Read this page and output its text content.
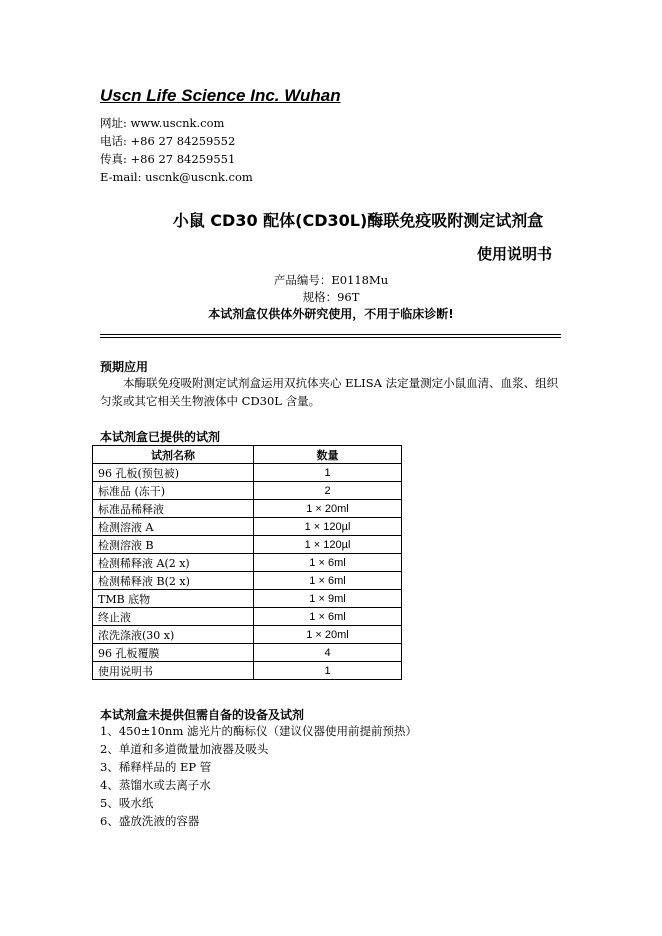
Uscn Life Science Inc. Wuhan
网址: www.uscnk.com
电话: +86 27 84259552
传真: +86 27 84259551
E-mail: uscnk@uscnk.com
小鼠 CD30 配体(CD30L)酶联免疫吸附测定试剂盒
使用说明书
产品编号：E0118Mu
规格：96T
本试剂盒仅供体外研究使用，不用于临床诊断!
预期应用
本酶联免疫吸附测定试剂盒运用双抗体夹心 ELISA 法定量测定小鼠血清、血浆、组织匀浆或其它相关生物液体中 CD30L 含量。
本试剂盒已提供的试剂
试剂名称	数量
96 孔板(预包被)	1
标准品 (冻干)	2
标准品稀释液	1 × 20ml
检测溶液 A	1 × 120µl
检测溶液 B	1 × 120µl
检测稀释液 A(2 x)	1 × 6ml
检测稀释液 B(2 x)	1 × 6ml
TMB 底物	1 × 9ml
终止液	1 × 6ml
浓洗涤液(30 x)	1 × 20ml
96 孔板覆膜	4
使用说明书	1
本试剂盒未提供但需自备的设备及试剂
1、450±10nm 滤光片的酶标仪（建议仪器使用前提前预热）
2、单道和多道微量加液器及吸头
3、稀释样品的 EP 管
4、蒸馏水或去离子水
5、吸水纸
6、盛放洗液的容器
